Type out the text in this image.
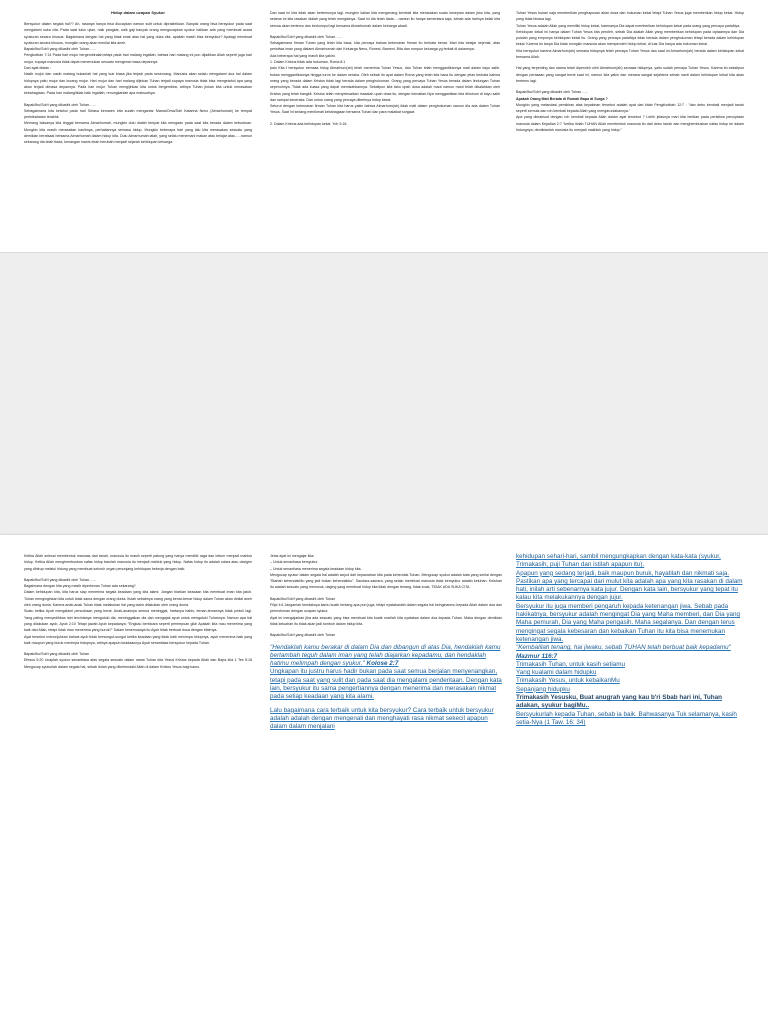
Hidup dalam ucapan Syukur

Bersyukur dalam segala hal?? Ah, rasanya hanya bisa diucapkan namun sulit untuk dipraktekkan. Banyak orang bisa bersyukur pada saat mengalami suka cita. Pada saat lulus ujian, naik pangkat, naik gaji banyak orang mengucapkan syukur bahkan ada yang membuat acara syukuran secara khusus. Bagaimana dengan hal yang tidak enak atau hal yang duka cita, apakah masih bisa bersyukur? Apalagi membuat syukuran secara khusus, mungkin orang akan menilai kita aneh.

Bapak/Ibu/Sdr/i yang dikasihi oleh Tuhan……

Pengkotbah 7:14 Pada hari mujur bergembiralah,tetapi pada hari malang ingatlah, bahwa hari malang ini pun dijadikan Allah seperti juga hari mujur, supaya manusia tidak dapat menemukan sesuatu mengenai masa depannya.

Dari ayat diatas :

Nasib mujur dan nasib malang bukanlah hal yang luar biasa jika terjadi pada seseorang. Manusia akan selalu mengalami dua hal dalam hidupnya yaitu mujur dan kurang mujur. Hari mujur dan hari malang dijinkan Tuhan terjadi supaya manusia tidak bisa mengetahui apa yang akan terjadi dimasa depannya. Pada hari mujur Tuhan mengijinkan kita untuk bergembira, artinya Tuhan jinkan kita untuk merasakan kebahagiaan. Pada hari malang/tidak baik ingatlah, renungkanlah apa maksudnya.

Bapak/Ibu/Sdr/i yang dikasihi oleh Tuhan……

Sebagaimana kita ketahui pada hari Selasa kemaren kita sudah mengantar Mama/Oma/Sdri Katarina Neno (Almarhumah) ke tempat peristirahatan terakhir.

Memang biasanya kita tinggal bersama Almarhumah, mungkin dulu dialah tempat kita mengadu pada saat kita berada dalam kebuntuan. Mungkin kita masih merasakan kasihnya, perhatiannya semasa hidup. Mungkin beberapa hari yang lalu kita merasakan sesuatu yang demikian beratsaat bersama Almarhumah dalam hidup kita. Dulu Almarhumah ialah, yang selalu menemani makan atau belajar atau......namun sekarang dia telah tiada, kenangan manis telah berubah menjadi sejarah kehidupan keluarga.

Dan saat ini kita tidak akan bertemunya lagi, mungkin kalian kita mengenang kembali kita merasakan suatu kesepian dalam jiwa kita, yang selama ini kita rasakan dialah yang telah mengisinya. Saat ini dia telah tiada.....namun itu hanya sementara saja, sebab ada harinya kelak kita semua akan bertemu dan berkumpul lagi bersama Almarhumah dalam keluarga abadi.

Bapak/Ibu/Sdr/i yang dikasihi oleh Tuhan……

Sebagaimana firman Tuhan yang telah kita baca, kita percaya bahwa kebenaran firman itu berkata benar. Mari kita belajar sejenak, atas peristiwa iman yang dialami Almarhumah dan Keluarga Neno, Runesi, Bameni, Bita dan rumpun keluarga yg terkait di dalamnya.

Ada beberapa hal yang masih kita yakini.

1. Dalam Kristus tidak ada hukuman. Roma 8:1

palu Kita t bersyukur semasa hidup Almarhum(ah) telah menerima Tuhan Yesus, dan Tuhan telah menggantikannya mati dalam kayu salib. bukan menggantikannya hingga turun ke dalam neraka. Oleh sebab itu ayat dalam Roma yang telah kita baca itu dengan jelas berkata bahwa orang yang berada dalam Kristus tidak lagi berada dalam penghukuman. Orang yang percaya Tuhan Yesus berada dalam lindungan Tuhan sepenuhnya. Tidak ada kuasa yang dapat memisahkannya. Sekalipun kita tahu upah dosa adalah maut namun maut telah dikalahkan oleh Kristus yang telah bangkit. Kristus telah menyelesaikan masalah upah dosa itu, dengan kematian-Nya menggantikan kita dihukum di kayu salib dan sampai keneraka. Dan untuk orang yang percaya diberinya hidup kekal.

Seturut dengan kebenaran firman Tuhan kita harus yakin bahwa Almarhum(ah) tidak mati dalam penghukuman namun dia ada dalam Tuhan Yesus. Saat ini sedang menikmati kebahagiaan bersama Tuhan dan para malaikat sorgawi.

2. Dalam Kristus ada kehidupan kekal. Yoh 3:16.

Tuhan Yesus bukan saja memberikan penghapusan akan dosa dan hukuman kekal tetapi Tuhan Yesus juga memberikan hidup kekal. Hidup yang tidak binasa lagi.

Tuhan Yesus adalah Allah yang memiliki hidup kekal, karenanya Dia dapat memberikan kehidupan kekal pada orang yang percaya padaNya.

Kehidupan kekal ini hanya dalam Tuhan Yesus kita peroleh, sebab Dia adalah Allah yang memberikan kehidupan pada ciptaannya dan Dia pulalah yang empunya kehidupan kekal itu. Orang yang percaya padaNya tidak berada dalam penghukuman tetapi berada dalam kehidupan kekal. Karena itu tanpa Dia tidak mungkin manusia akan memperoleh hidup kekal, di luar Dia hanya ada hukuman kekal.

Kita bersyukur karena Almarhum(ah) semasa hidupnya telah percaya Tuhan Yesus dan saat ini Almarhum(ah) berada dalam kehidupan kekal bersama Allah.

Hal yang terpenting dan utama telah diperoleh oleh Almarhum(ah) semasa hidupnya, yaitu sudah percaya Tuhan Yesus. Karena itu sekalipun dengan perasaan yang sangat berat saat ini, namun kita yakin dan merasa sangat sejahtera sebab nanti dalam kehidupan kekal kita akan bertemu lagi.

Bapak/Ibu/Sdr/i yang dikasihi oleh Tuhan……

Apakah Orang Mati Berada di Rumah Bapa di Surga ?

Mungkin yang melandasi pemikiran atas keyakinan tersebut adalah ayat dari kitab Pengkhotbah 12:7 : "dan debu kembali menjadi tanah seperti semula dan roh kembali kepada Allah yang mengaruniakannya."

Apa yang dimaksud dengan roh kembali kepada Allah dalam ayat tersebut ? Lebih jelasnya mari kita berikan pada peristiwa penciptaan manusia dalam Kejadian 2:7 "ketika itulah TUHAN Allah membentuk manusia itu dari debu tanah dan menghembuskan nafas hidup ke dalam hidungnya; demikianlah manusia itu menjadi makhluk yang hidup."

Ketika Allah selesai membentuk manusia dari tanah, manusia itu masih seperti patung yang hanya memiliki raga dan belum menjadi mahluk hidup. Ketika Allah menghembuskan nafas hidup barulah manusia itu menjadi mahluk yang hidup. Nafas hidup itu adalah udara atau oksigen yang dihirup melalui hidung yang membuat seluruh organ penunjang kehidupan bekerja dengan baik.

Bapak/Ibu/Sdr/i yang dikasihi oleh Tuhan……

Bagaimana dengan kita yang masih diperkenan Tuhan ada sekarang?

Dalam kehidupan kita, kita harus siap menerima segala keadaan yang kita alami. Jangan biarkan keadaan kita membuat iman kita jatuh. Tuhan menginginkan kita untuk tidak sama dengan orang dunia. Itulah sebabnya orang yang benar-benar hidup dalam Tuhan akan dinilai aneh oleh orang dunia. Karena anak-anak Tuhan tidak melakukan hal yang lazim dilakukan oleh orang dunia.

Suatu ketika Ayub mengalami pencobaan yang berat. Anak-anaknya semua meninggal, hartanya habis, teman-temannya tidak peduli lagi. Yang paling menyedihkan istri tercintanya mengutuki dia, meninggalkan dia dan mengajak ayub untuk mengutuki Tuhannya. Namun apa hal yang dilakukan ayub, Ayub 2:10 Tetapi jawab Ayub kepadanya: "Engkau berbicara seperti perempuan gila! Apakah kita mau menerima yang baik dari Allah, tetapi tidak mau menerima yang buruk?" Dalam kesemuanya itu Ayub tidak berbuat dosa dengan bibirnya.

Ayat tersebut menunjukkan bahwa ayub tidak bersungut-sungut ketika keadaan yang tidak baik menimpa hidupnya, ayub menerima baik yang baik maupun yang buruk menimpa hidupnya, artinya apapun keadaannya Ayub senantiasa bersyukur kepada Tuhan.

Bapak/Ibu/Sdr/i yang dikasihi oleh Tuhan

Efesus 5:20 Ucaplah syukur senantiasa atas segala sesuatu dalam nama Tuhan kita Yesus Kristus kepada Allah dan Bapa kita 1 Tes 5:18 Mengucap syukurlah dalam segala hal, sebab itulah yang dikehendaki Allah di dalam Kristus Yesus bagi kamu.

Jelas ayat ini mengajar kita:

– Untuk senantiasa bersyukur

– Untuk senantiasa menerima segala keadaan hidup kita.

Mengucap syukur dalam segala hal adalah wujud dari kepasrahan kita pada kehendak Tuhan. Mengucap syukur adalah kata yang serilai dengan "Biarlah kehendakMu yang jadi bukan kehendakku". Saudara-saurara, yang selalu membuat manusia tidak bersyukur adalah keluhan. Keluhan itu adalah sesuatu yang menusuk, daging yang membuat hidup kita tidak dengan tenang, tidak enak, TIDAK ADA SUKA CITA.

Bapak/Ibu/Sdr/i yang dikasihi oleh Tuhan

Filipi 4:6 Janganlah hendaknya kamu kuatir tentang apa pun juga, tetapi nyatakanlah dalam segala hal keinginanmu kepada Allah dalam doa dan permohonan dengan ucapan syukur.

Ayat ini mengajarkan jika ada sesuatu yang bisa membuat kita kuatir marilah kita nyatakan dalam doa kepada Tuhan. Maka dengan demikian tidak keluahan itu tidak akan jadi tumbuh dalam hidup kita.

Bapak/Ibu/Sdr/i yang dikasihi oleh Tuhan

"Hendaklah kamu berakar di dalam Dia dan dibangun di atas Dia, hendaklah kamu bertambah teguh dalam iman yang telah diajarkan kepadamu, dan hendaklah hatimu melimpah dengan syukur." Kolose 2:7

Ungkapan itu justru harus hadir bukan pada saat semua berjalan menyenangkan, tetapi pada saat yang sulit dan pada saat dia mengalami penderitaan. Dengan kata lain, bersyukur itu sama pengertiannya dengan menerima dan merasakan nikmat pada setiap keadaan yang kita alami.

Lalu bagaimana cara terbaik untuk kita bersyukur? Cara terbaik untuk bersyukur adalah adalah dengan mengenali dan menghayati rasa nikmat sekecil apapun dalam dalam menjalani

kehidupan sehari-hari, sambil mengungkapkan dengan kata-kata (syukur, Trimakasih, puji Tuhan dan istilah apapun itu).

Apapun yang sedang terjadi, baik maupun buruk, hayatilah dan nikmati saja. Pastikan apa yang tercapai dari mulut kita adalah apa yang kita rasakan di dalam hati, inilah arti sebenarnya kata jujur. Dengan kata lain, bersyukur yang tepat itu kalau kita melakukannya dengan jujur.

Bersyukur itu juga memberi pengaruh kepada ketenangan jiwa. Sebab pada hakikatnya, bersyukur adalah mengingat Dia yang Maha memberi, dan Dia yang Maha pemurah, Dia yang Maha pengasih. Maha segalanya. Dan dengan terus mengingat segala kebesaran dan kebaikan Tuhan itu kita bisa menemukan ketenangan jiwa.

"Kembalilah tenang, hai jiwaku, sebab TUHAN telah berbuat baik kepadamu" Mazmur 116:7

Trimakasih Tuhan, untuk kasih setiamu

Yang kualami dalam hidupku

Trimakasih Yesus, untuk kebaikanMu

Sepanjang hidupku

Trimakasih Yesusku, Buat anugrah yang kau b'ri Sbab hari ini, Tuhan adakan, syukur bagiMu..

Bersyukurlah kepada Tuhan, sebab ia baik. Bahwasanya Tuk selamanya, kasih setia-Nya (1 Taw. 16: 34)
